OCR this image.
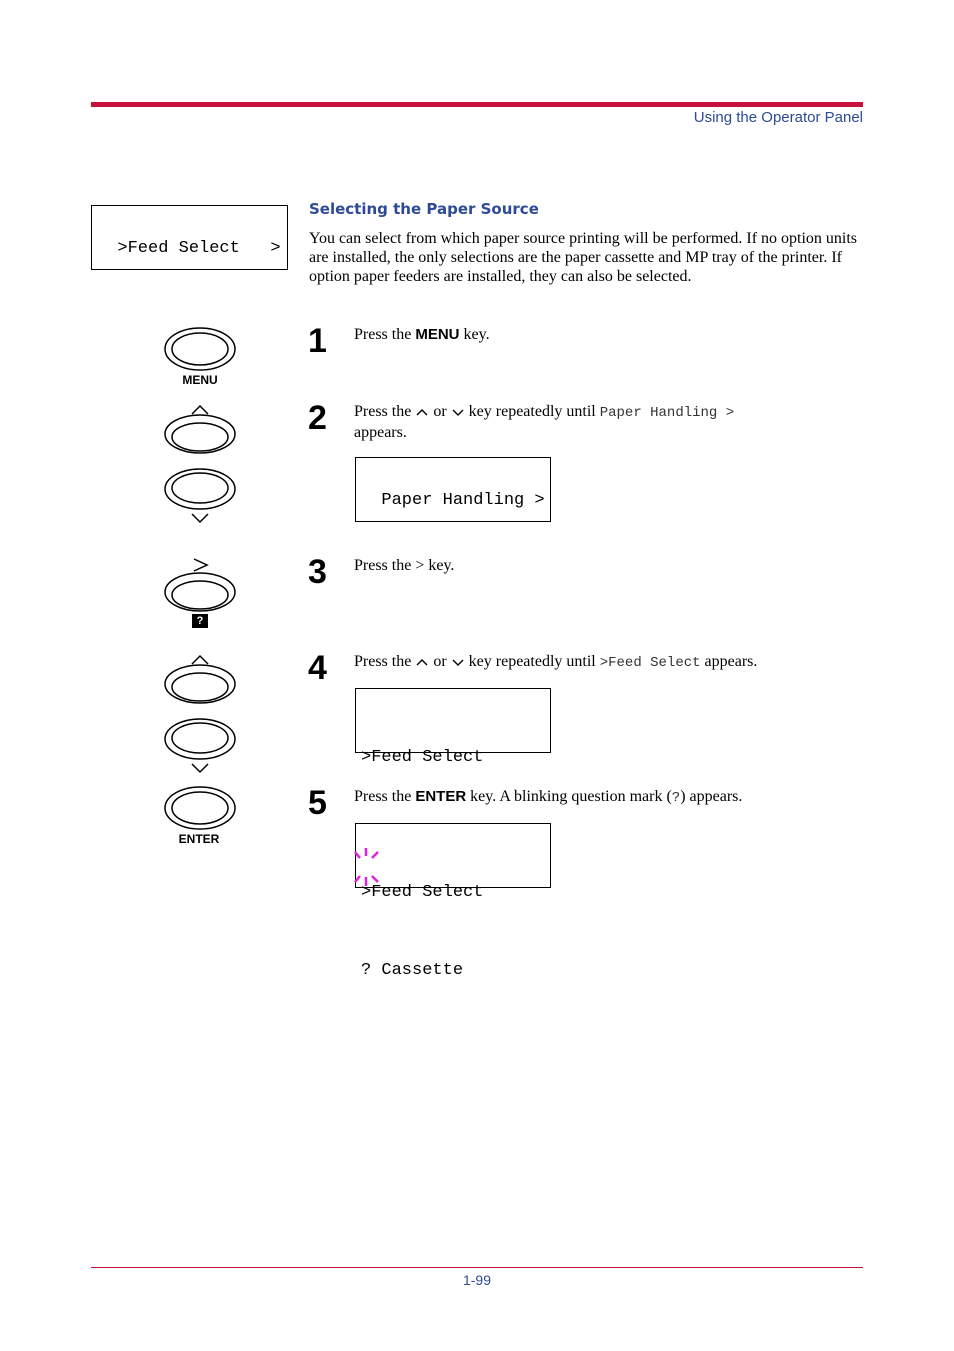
Using the Operator Panel

>Feed Select   >

Selecting the Paper Source
You can select from which paper source printing will be performed. If no option units are installed, the only selections are the paper cassette and MP tray of the printer. If option paper feeders are installed, they can also be selected.
MENU
?
ENTER
1 Press the MENU key.
2 Press the
or
key repeatedly until Paper Handling >
appears.

Paper Handling >

3 Press the > key.
4 Press the
or
key repeatedly until >Feed Select appears.

>Feed Select

5 Press the ENTER key. A blinking question mark (?) appears.

>Feed Select

? Cassette

1-99
